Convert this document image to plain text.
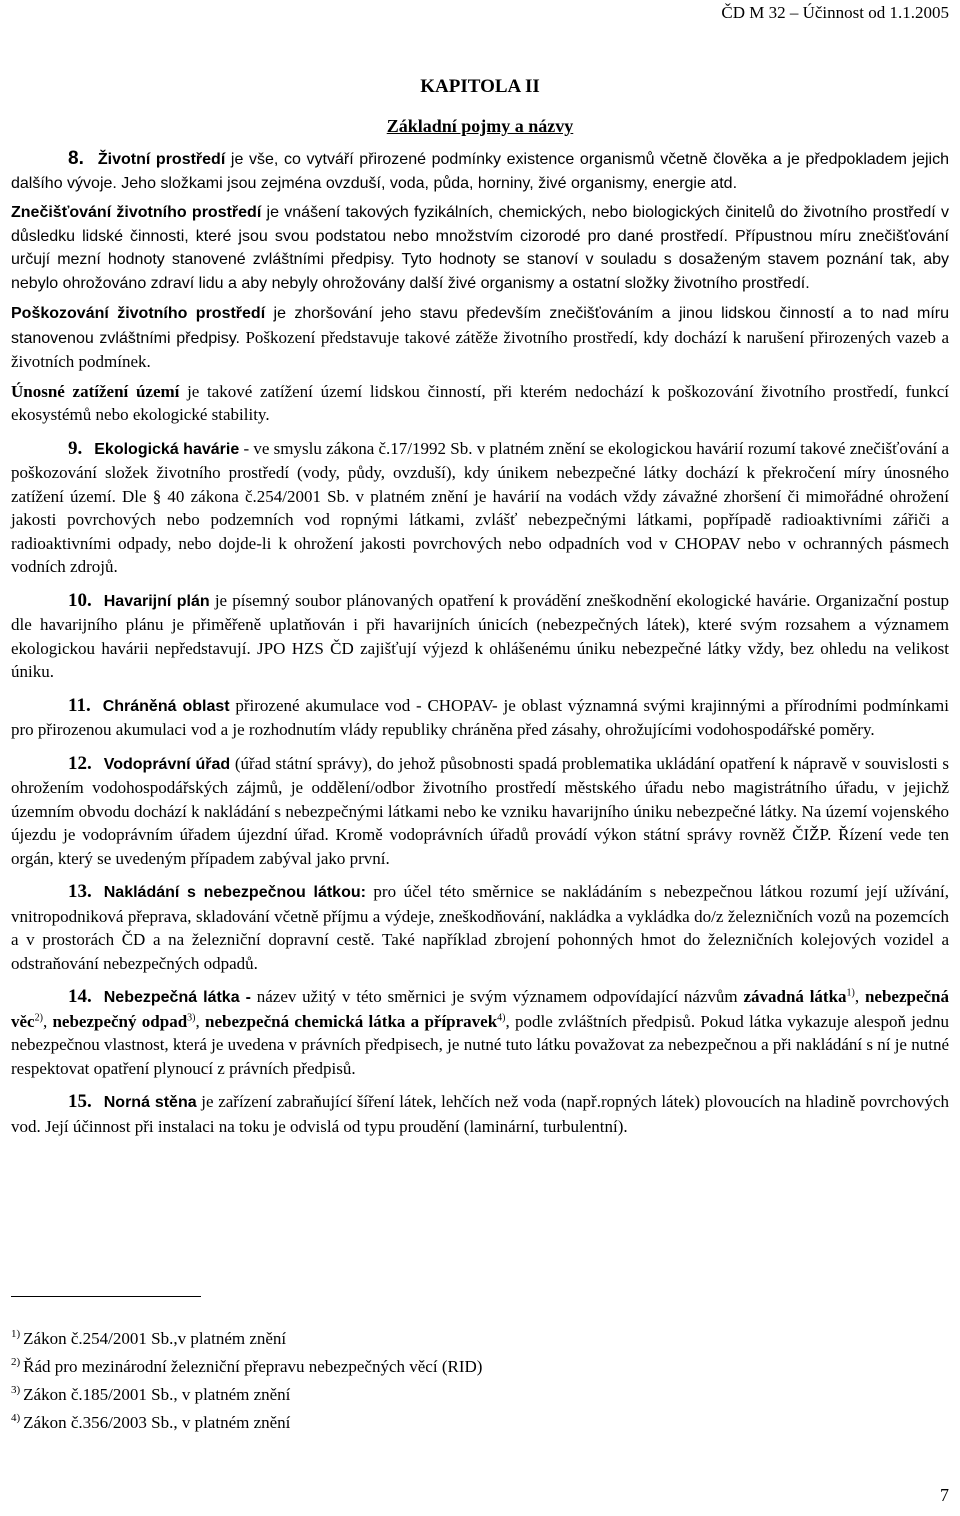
ČD M 32 – Účinnost od 1.1.2005
KAPITOLA II
Základní pojmy a názvy

8. Životní prostředí je vše, co vytváří přirozené podmínky existence organismů včetně člověka a je předpokladem jejich dalšího vývoje. Jeho složkami jsou zejména ovzduší, voda, půda, horniny, živé organismy, energie atd.

Znečišťování životního prostředí je vnášení takových fyzikálních, chemických, nebo biologických činitelů do životního prostředí v důsledku lidské činnosti, které jsou svou podstatou nebo množstvím cizorodé pro dané prostředí. Přípustnou míru znečišťování určují mezní hodnoty stanovené zvláštními předpisy. Tyto hodnoty se stanoví v souladu s dosaženým stavem poznání tak, aby nebylo ohrožováno zdraví lidu a aby nebyly ohrožovány další živé organismy a ostatní složky životního prostředí.

Poškozování životního prostředí je zhoršování jeho stavu především znečišťováním a jinou lidskou činností a to nad míru stanovenou zvláštními předpisy. Poškození představuje takové zátěže životního prostředí, kdy dochází k narušení přirozených vazeb a životních podmínek.

Únosné zatížení území je takové zatížení území lidskou činností, při kterém nedochází k poškozování životního prostředí, funkcí ekosystémů nebo ekologické stability.

9. Ekologická havárie - ve smyslu zákona č.17/1992 Sb. v platném znění se ekologickou havárií rozumí takové znečišťování a poškozování složek životního prostředí (vody, půdy, ovzduší), kdy únikem nebezpečné látky dochází k překročení míry únosného zatížení území. Dle § 40 zákona č.254/2001 Sb. v platném znění je havárií na vodách vždy závažné zhoršení či mimořádné ohrožení jakosti povrchových nebo podzemních vod ropnými látkami, zvlášť nebezpečnými látkami, popřípadě radioaktivními zářiči a radioaktivními odpady, nebo dojde-li k ohrožení jakosti povrchových nebo odpadních vod v CHOPAV nebo v ochranných pásmech vodních zdrojů.

10. Havarijní plán je písemný soubor plánovaných opatření k provádění zneškodnění ekologické havárie. Organizační postup dle havarijního plánu je přiměřeně uplatňován i při havarijních únicích (nebezpečných látek), které svým rozsahem a významem ekologickou havárii nepředstavují. JPO HZS ČD zajišťují výjezd k ohlášenému úniku nebezpečné látky vždy, bez ohledu na velikost úniku.

11. Chráněná oblast přirozené akumulace vod - CHOPAV- je oblast významná svými krajinnými a přírodními podmínkami pro přirozenou akumulaci vod a je rozhodnutím vlády republiky chráněna před zásahy, ohrožujícími vodohospodářské poměry.

12. Vodoprávní úřad (úřad státní správy), do jehož působnosti spadá problematika ukládání opatření k nápravě v souvislosti s ohrožením vodohospodářských zájmů, je oddělení/odbor životního prostředí městského úřadu nebo magistrátního úřadu, v jejichž územním obvodu dochází k nakládání s nebezpečnými látkami nebo ke vzniku havarijního úniku nebezpečné látky. Na území vojenského újezdu je vodoprávním úřadem újezdní úřad. Kromě vodoprávních úřadů provádí výkon státní správy rovněž ČIŽP. Řízení vede ten orgán, který se uvedeným případem zabýval jako první.

13. Nakládání s nebezpečnou látkou: pro účel této směrnice se nakládáním s nebezpečnou látkou rozumí její užívání, vnitropodniková přeprava, skladování včetně příjmu a výdeje, zneškodňování, nakládka a vykládka do/z železničních vozů na pozemcích a v prostorách ČD a na železniční dopravní cestě. Také například zbrojení pohonných hmot do železničních kolejových vozidel a odstraňování nebezpečných odpadů.

14. Nebezpečná látka - název užitý v této směrnici je svým významem odpovídající názvům závadná látka$^{1)}$, nebezpečná věc$^{2)}$, nebezpečný odpad$^{3)}$, nebezpečná chemická látka a přípravek$^{4)}$, podle zvláštních předpisů. Pokud látka vykazuje alespoň jednu nebezpečnou vlastnost, která je uvedena v právních předpisech, je nutné tuto látku považovat za nebezpečnou a při nakládání s ní je nutné respektovat opatření plynoucí z právních předpisů.

15. Norná stěna je zařízení zabraňující šíření látek, lehčích než voda (např.ropných látek) plovoucích na hladině povrchových vod. Její účinnost při instalaci na toku je odvislá od typu proudění (laminární, turbulentní).

$^{1)}$ Zákon č.254/2001 Sb.,v platném znění
$^{2)}$ Řád pro mezinárodní železniční přepravu nebezpečných věcí (RID)
$^{3)}$ Zákon č.185/2001 Sb., v platném znění
$^{4)}$ Zákon č.356/2003 Sb., v platném znění
7
